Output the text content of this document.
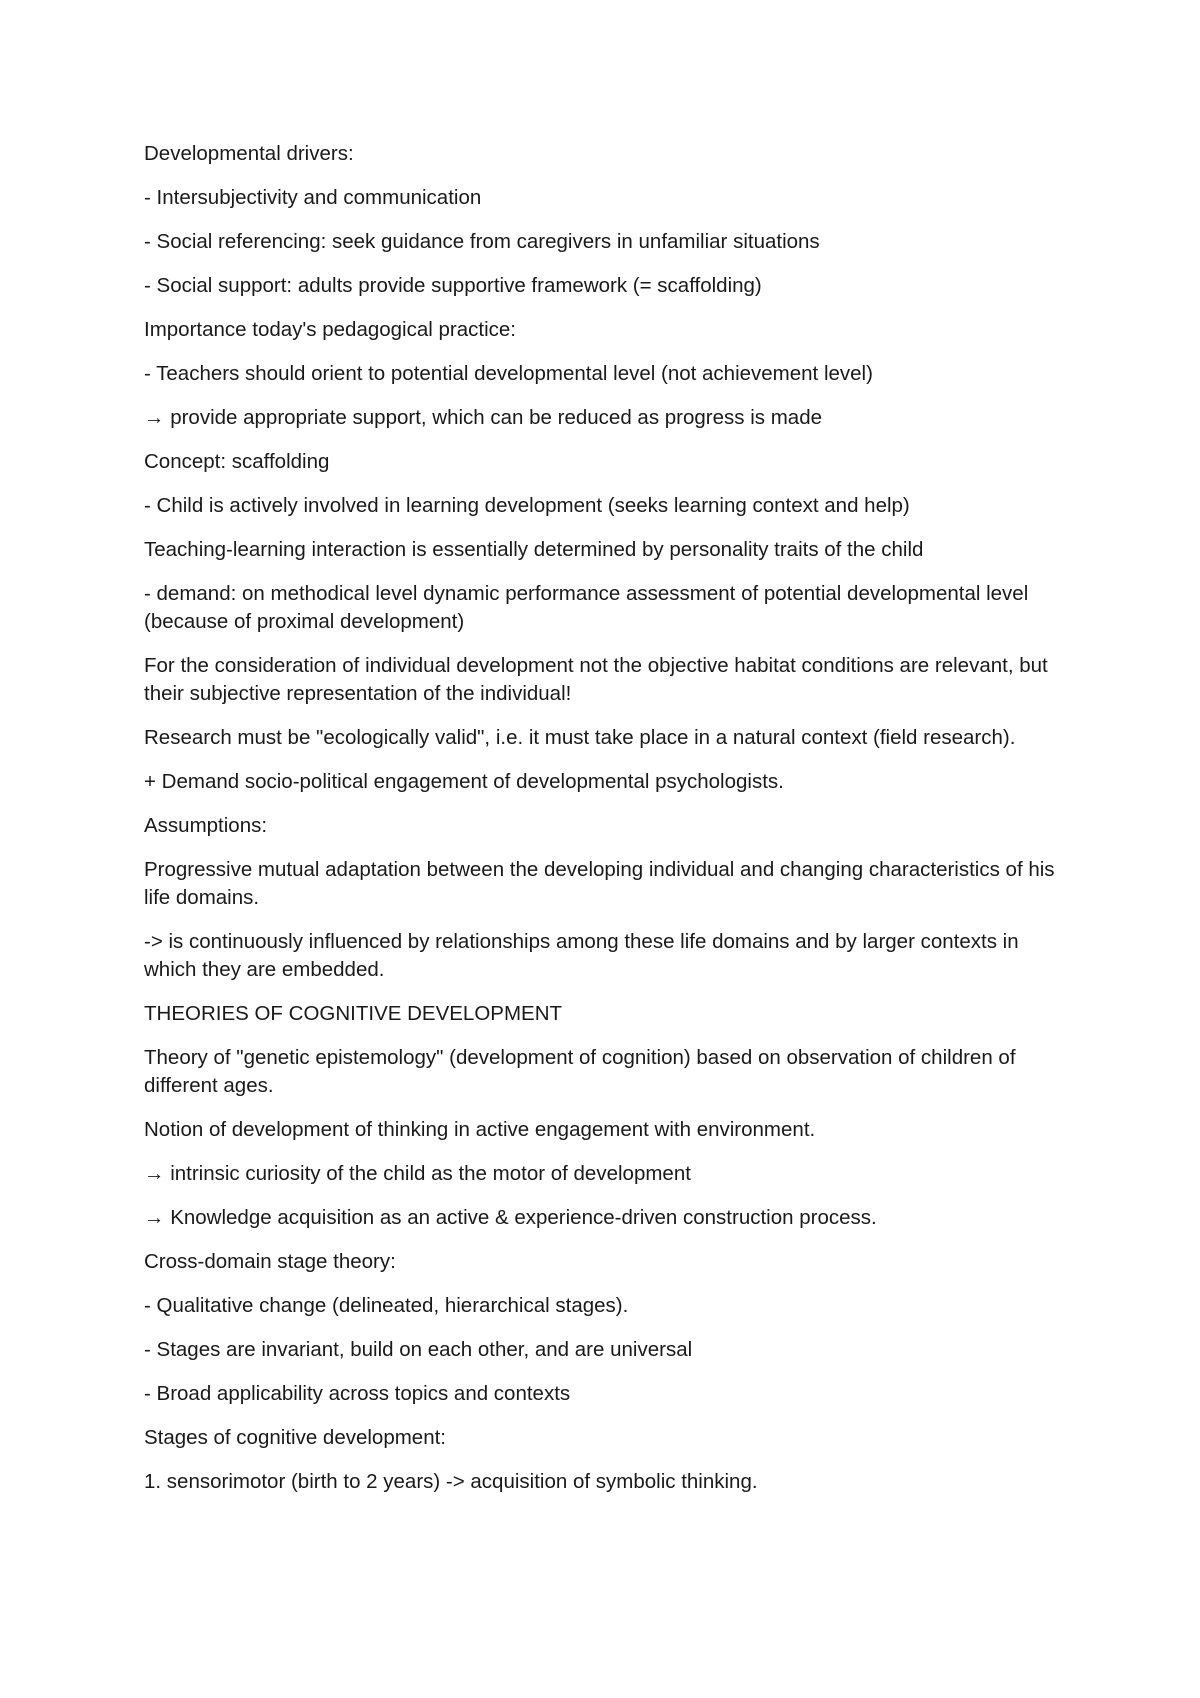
Developmental drivers:

- Intersubjectivity and communication

- Social referencing: seek guidance from caregivers in unfamiliar situations

- Social support: adults provide supportive framework (= scaffolding)

Importance today's pedagogical practice:

- Teachers should orient to potential developmental level (not achievement level)

→ provide appropriate support, which can be reduced as progress is made

Concept: scaffolding

- Child is actively involved in learning development (seeks learning context and help)

Teaching-learning interaction is essentially determined by personality traits of the child

- demand: on methodical level dynamic performance assessment of potential developmental level (because of proximal development)

For the consideration of individual development not the objective habitat conditions are relevant, but their subjective representation of the individual!

Research must be "ecologically valid", i.e. it must take place in a natural context (field research).

+ Demand socio-political engagement of developmental psychologists.

Assumptions:

Progressive mutual adaptation between the developing individual and changing characteristics of his life domains.

-> is continuously influenced by relationships among these life domains and by larger contexts in which they are embedded.

THEORIES OF COGNITIVE DEVELOPMENT

Theory of "genetic epistemology" (development of cognition) based on observation of children of different ages.

Notion of development of thinking in active engagement with environment.

→ intrinsic curiosity of the child as the motor of development

→ Knowledge acquisition as an active & experience-driven construction process.

Cross-domain stage theory:

- Qualitative change (delineated, hierarchical stages).

- Stages are invariant, build on each other, and are universal

- Broad applicability across topics and contexts

Stages of cognitive development:

1. sensorimotor (birth to 2 years) -> acquisition of symbolic thinking.
